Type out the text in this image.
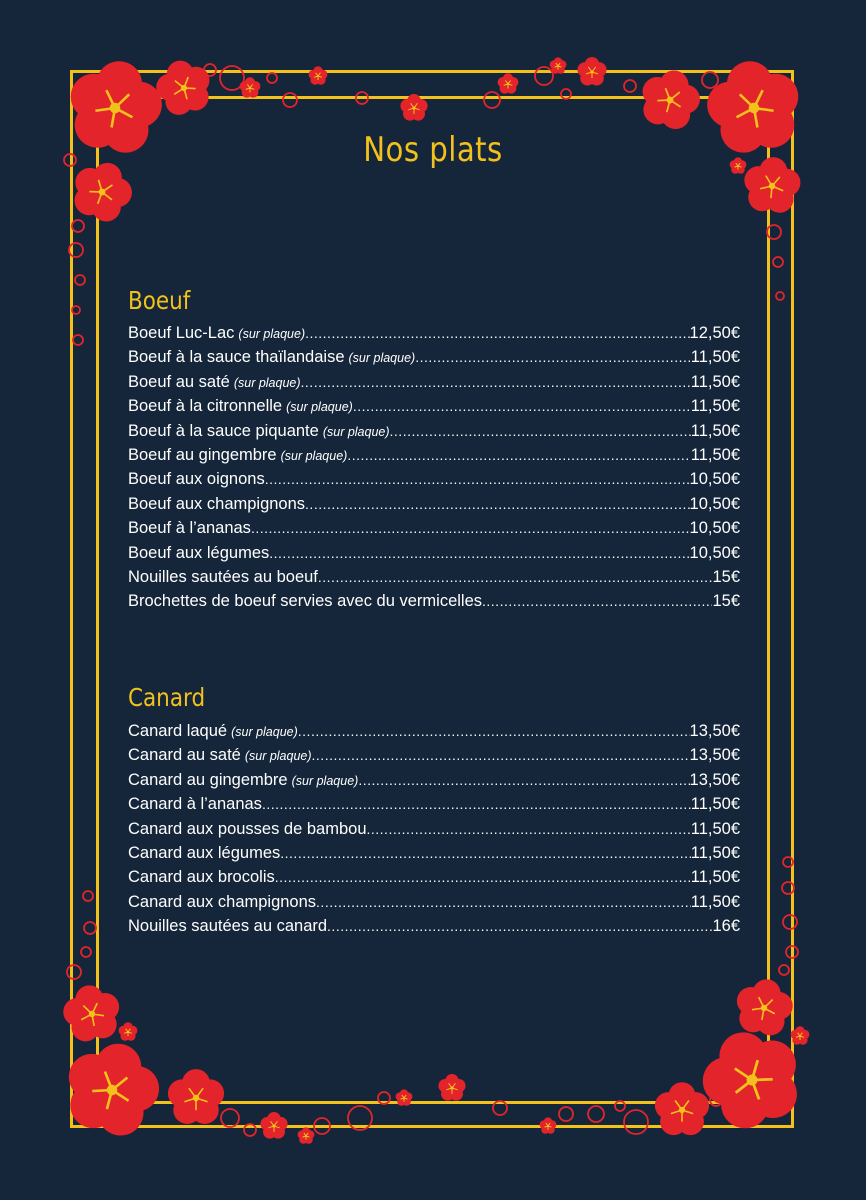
Nos plats
Boeuf
Boeuf Luc-Lac (sur plaque) .....	12,50€
Boeuf à la sauce thaïlandaise (sur plaque) .....	11,50€
Boeuf au saté (sur plaque) .....	11,50€
Boeuf à la citronnelle (sur plaque) .....	11,50€
Boeuf à la sauce piquante (sur plaque) .....	11,50€
Boeuf au gingembre (sur plaque) .....	11,50€
Boeuf aux oignons .....	10,50€
Boeuf aux champignons .....	10,50€
Boeuf à l’ananas .....	10,50€
Boeuf aux légumes .....	10,50€
Nouilles sautées au boeuf .....	15€
Brochettes de boeuf servies avec du vermicelles .....	15€
Canard
Canard laqué (sur plaque) .....	13,50€
Canard au saté (sur plaque) .....	13,50€
Canard au gingembre (sur plaque) .....	13,50€
Canard à l’ananas .....	11,50€
Canard aux pousses de bambou .....	11,50€
Canard aux légumes .....	11,50€
Canard aux brocolis .....	11,50€
Canard aux champignons .....	11,50€
Nouilles sautées au canard .....	16€
